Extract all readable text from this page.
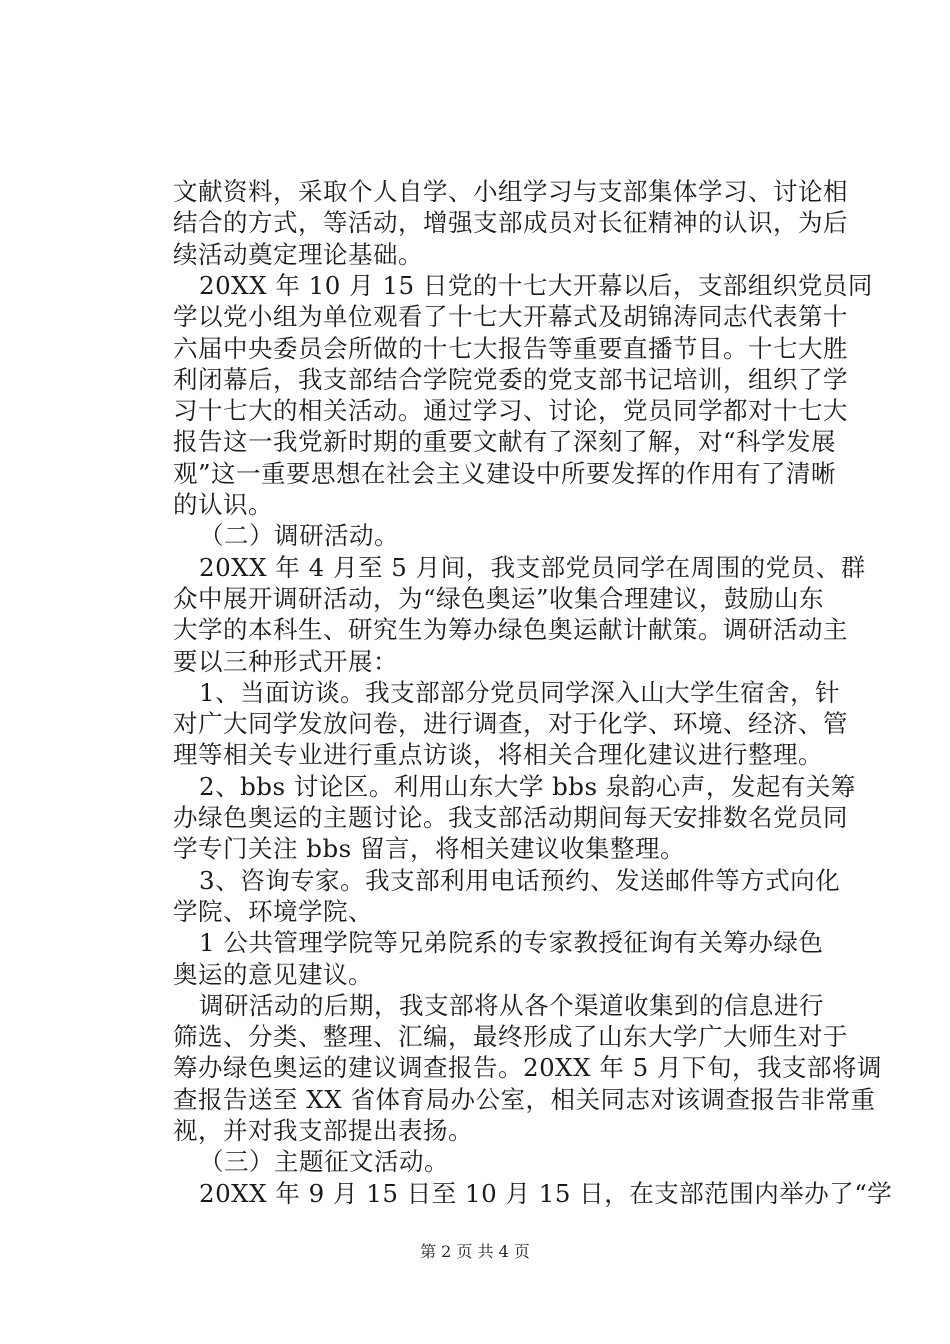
文献资料，采取个人自学、小组学习与支部集体学习、讨论相
结合的方式，等活动，增强支部成员对长征精神的认识，为后
续活动奠定理论基础。
20XX 年 10 月 15 日党的十七大开幕以后，支部组织党员同
学以党小组为单位观看了十七大开幕式及胡锦涛同志代表第十
六届中央委员会所做的十七大报告等重要直播节目。十七大胜
利闭幕后，我支部结合学院党委的党支部书记培训，组织了学
习十七大的相关活动。通过学习、讨论，党员同学都对十七大
报告这一我党新时期的重要文献有了深刻了解，对“科学发展
观”这一重要思想在社会主义建设中所要发挥的作用有了清晰
的认识。
（二）调研活动。
20XX 年 4 月至 5 月间，我支部党员同学在周围的党员、群
众中展开调研活动，为“绿色奥运”收集合理建议，鼓励山东
大学的本科生、研究生为筹办绿色奥运献计献策。调研活动主
要以三种形式开展：
1、当面访谈。我支部部分党员同学深入山大学生宿舍，针
对广大同学发放问卷，进行调查，对于化学、环境、经济、管
理等相关专业进行重点访谈，将相关合理化建议进行整理。
2、bbs 讨论区。利用山东大学 bbs 泉韵心声，发起有关筹
办绿色奥运的主题讨论。我支部活动期间每天安排数名党员同
学专门关注 bbs 留言，将相关建议收集整理。
3、咨询专家。我支部利用电话预约、发送邮件等方式向化
学院、环境学院、
1 公共管理学院等兄弟院系的专家教授征询有关筹办绿色
奥运的意见建议。
调研活动的后期，我支部将从各个渠道收集到的信息进行
筛选、分类、整理、汇编，最终形成了山东大学广大师生对于
筹办绿色奥运的建议调查报告。20XX 年 5 月下旬，我支部将调
查报告送至 XX 省体育局办公室，相关同志对该调查报告非常重
视，并对我支部提出表扬。
（三）主题征文活动。
20XX 年 9 月 15 日至 10 月 15 日，在支部范围内举办了“学
第 2 页 共 4 页
